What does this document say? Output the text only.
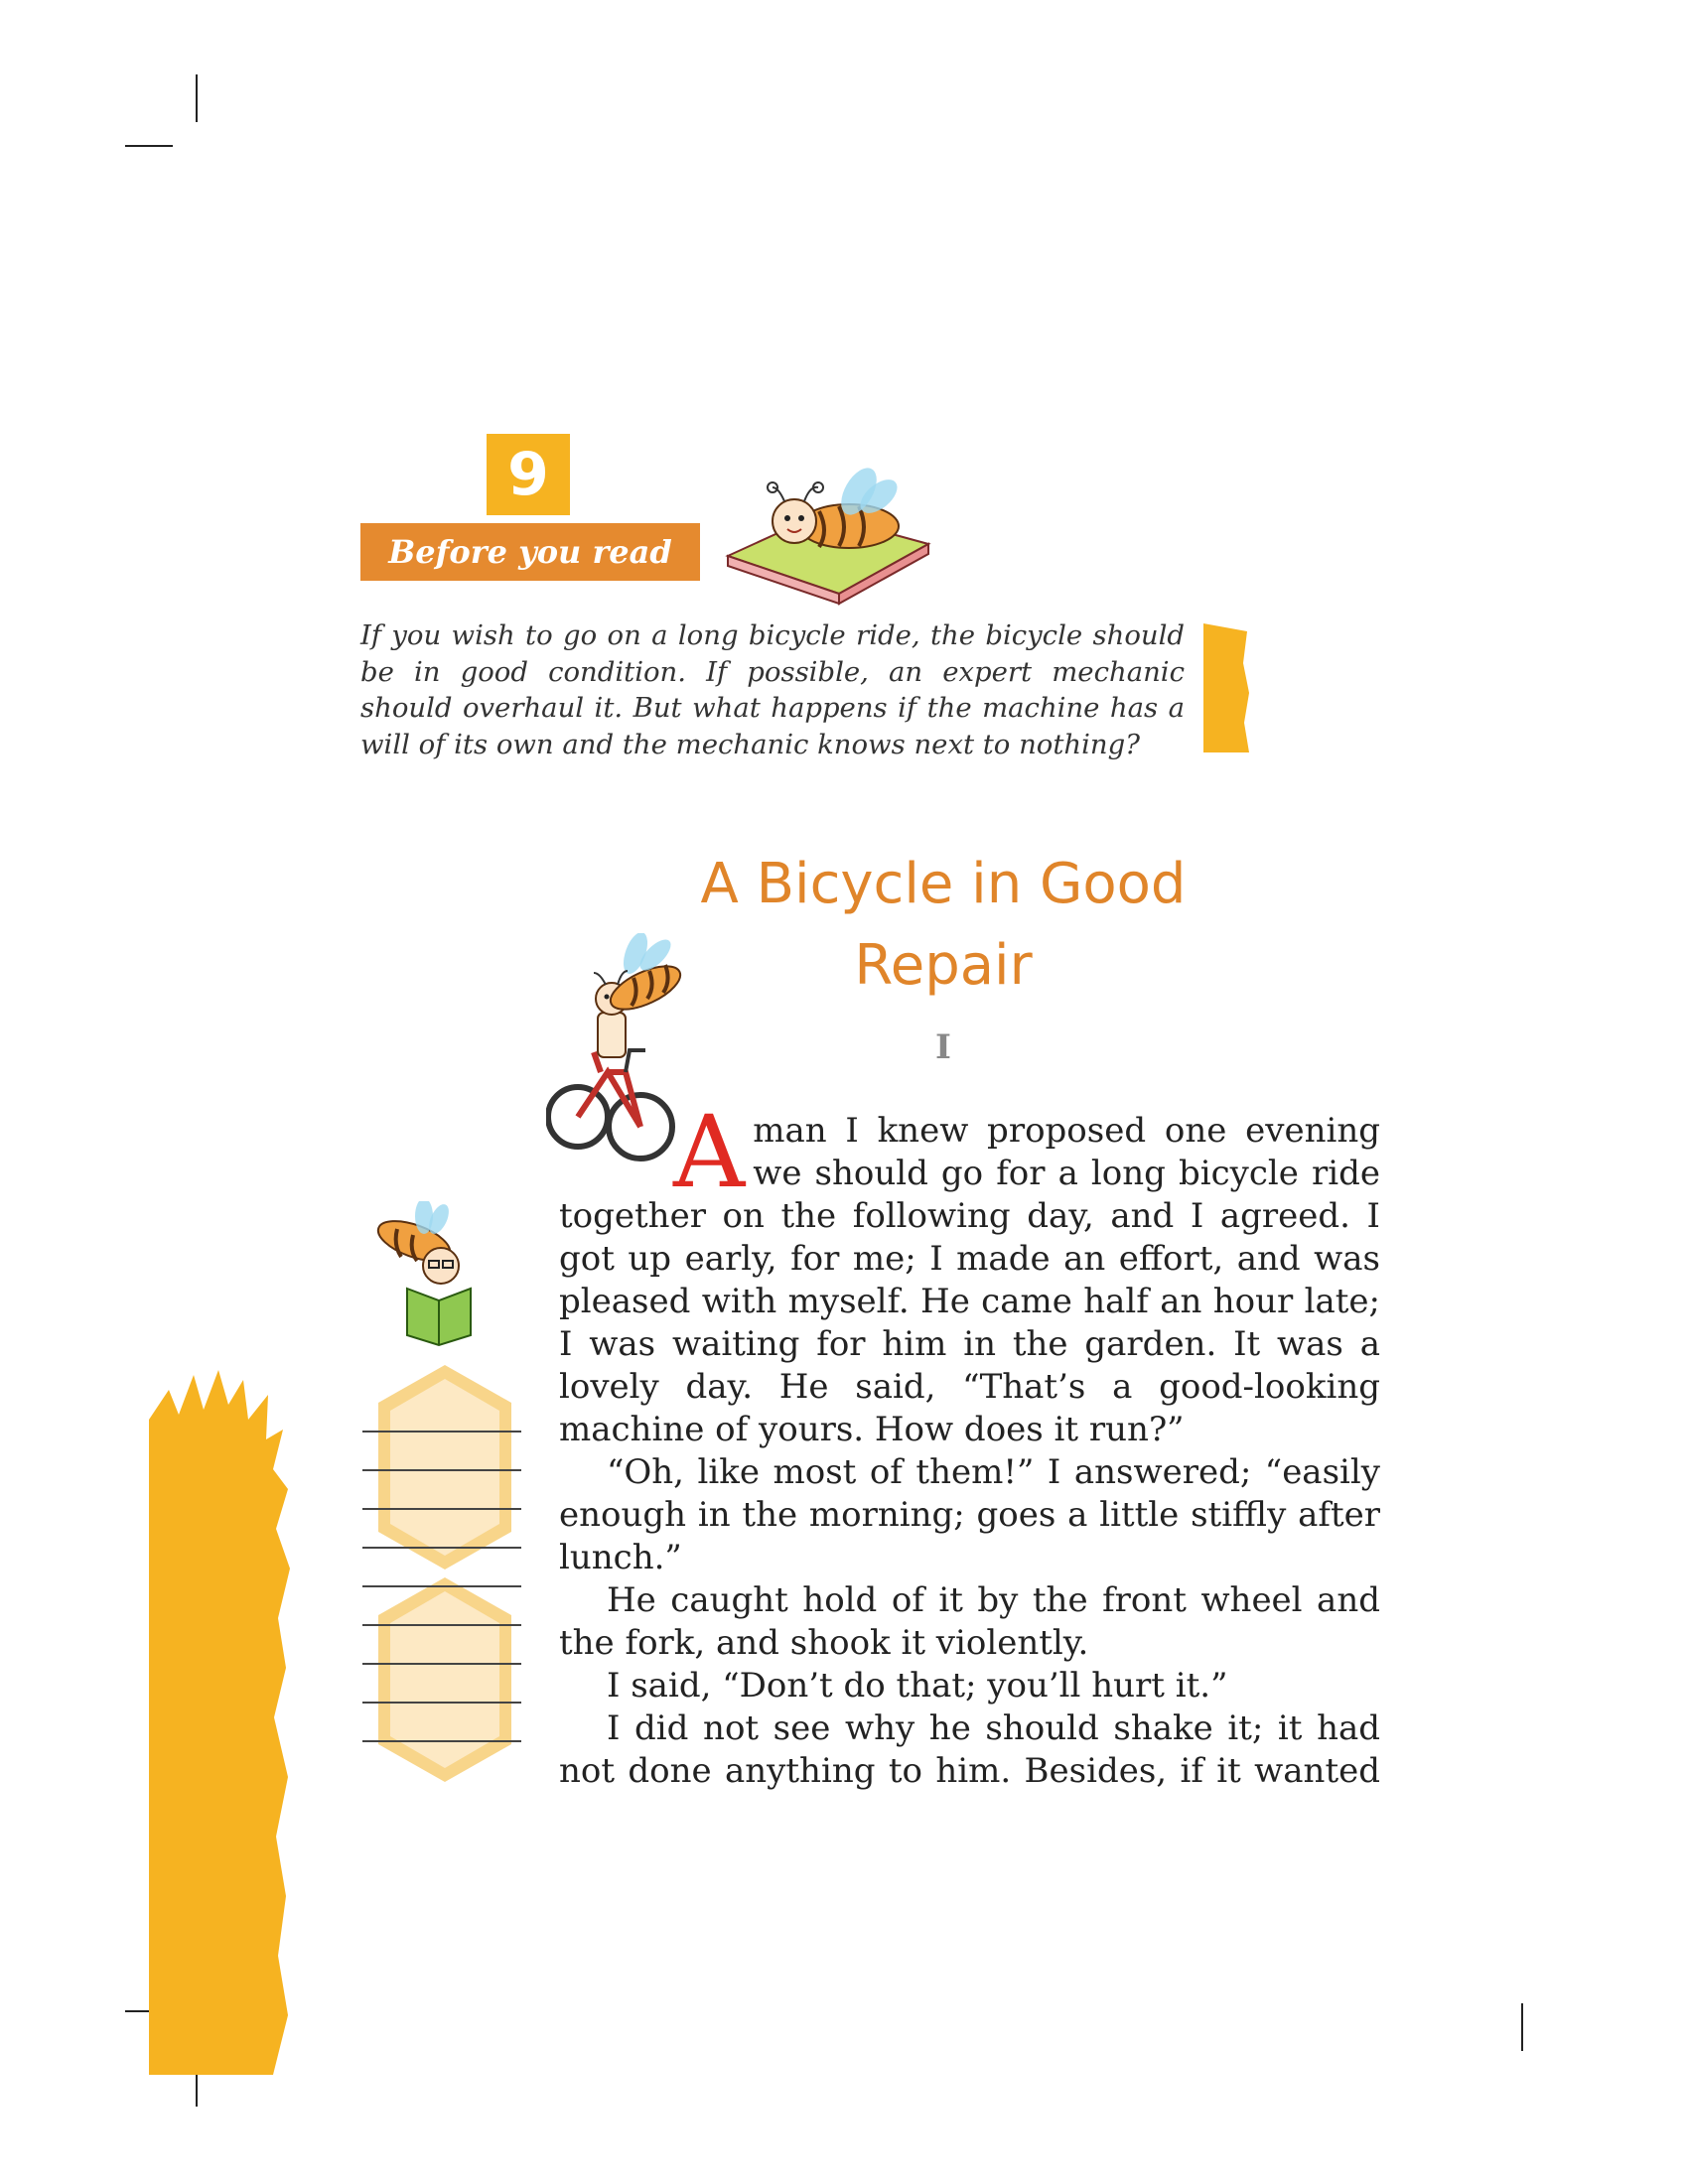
9
Before you read
If you wish to go on a long bicycle ride, the bicycle should be in good condition. If possible, an expert mechanic should overhaul it. But what happens if the machine has a will of its own and the mechanic knows next to nothing?
A Bicycle in Good
Repair
I

Aman I knew proposed one evening we should go for a long bicycle ride together on the following day, and I agreed. I got up early, for me; I made an effort, and was pleased with myself. He came half an hour late; I was waiting for him in the garden. It was a lovely day. He said, “That’s a good-looking machine of yours. How does it run?”

“Oh, like most of them!” I answered; “easily enough in the morning; goes a little stiffly after lunch.”

He caught hold of it by the front wheel and the fork, and shook it violently.

I said, “Don’t do that; you’ll hurt it.”

I did not see why he should shake it; it had not done anything to him. Besides, if it wanted
